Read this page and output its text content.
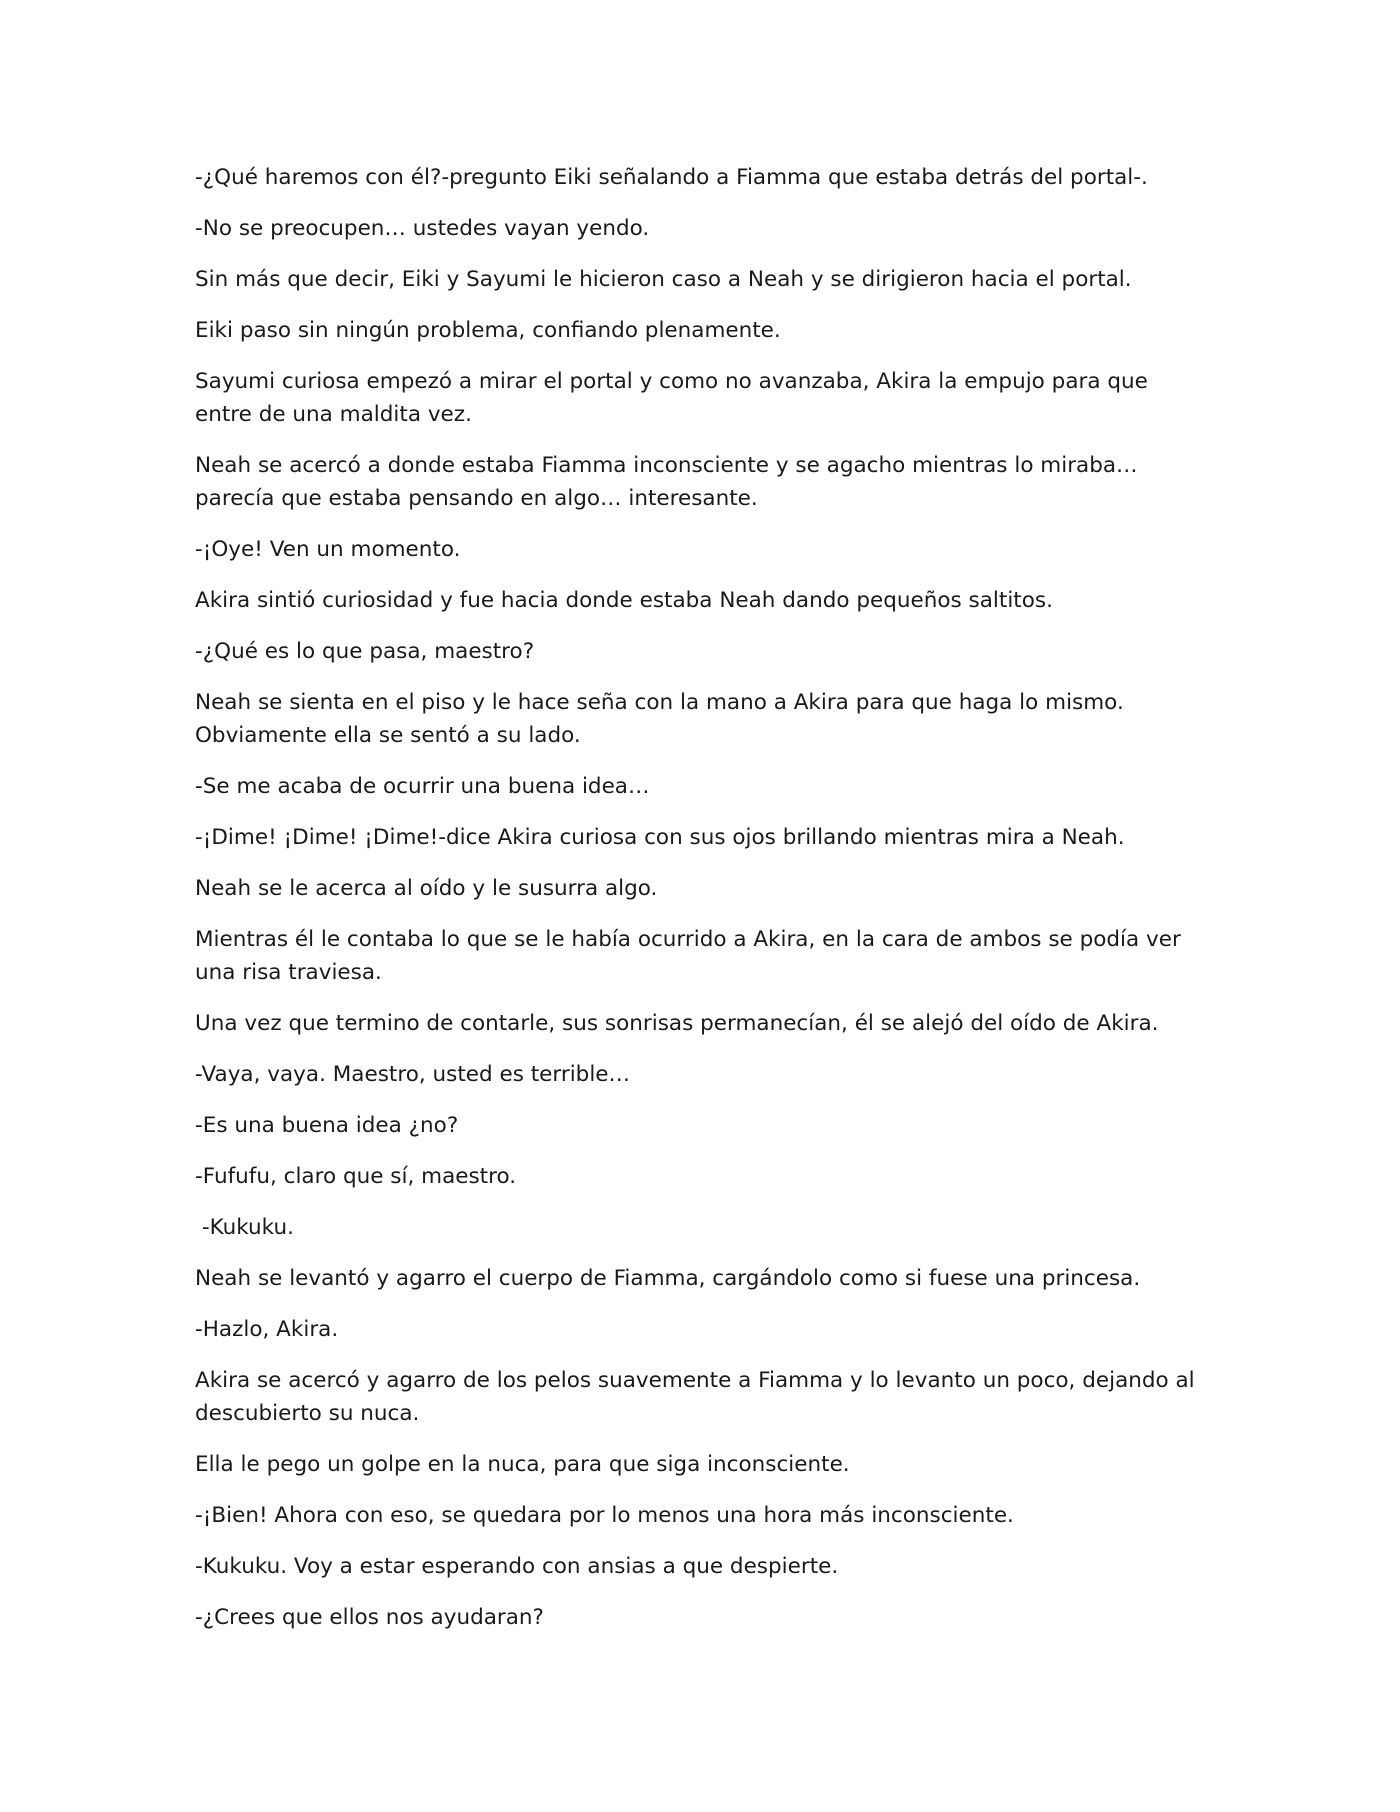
-¿Qué haremos con él?-pregunto Eiki señalando a Fiamma que estaba detrás del portal-.

-No se preocupen… ustedes vayan yendo.

Sin más que decir, Eiki y Sayumi le hicieron caso a Neah y se dirigieron hacia el portal.

Eiki paso sin ningún problema, confiando plenamente.

Sayumi curiosa empezó a mirar el portal y como no avanzaba, Akira la empujo para que entre de una maldita vez.

Neah se acercó a donde estaba Fiamma inconsciente y se agacho mientras lo miraba… parecía que estaba pensando en algo… interesante.

-¡Oye! Ven un momento.

Akira sintió curiosidad y fue hacia donde estaba Neah dando pequeños saltitos.

-¿Qué es lo que pasa, maestro?

Neah se sienta en el piso y le hace seña con la mano a Akira para que haga lo mismo. Obviamente ella se sentó a su lado.

-Se me acaba de ocurrir una buena idea…

-¡Dime! ¡Dime! ¡Dime!-dice Akira curiosa con sus ojos brillando mientras mira a Neah.

Neah se le acerca al oído y le susurra algo.

Mientras él le contaba lo que se le había ocurrido a Akira, en la cara de ambos se podía ver una risa traviesa.

Una vez que termino de contarle, sus sonrisas permanecían, él se alejó del oído de Akira.

-Vaya, vaya. Maestro, usted es terrible…

-Es una buena idea ¿no?

-Fufufu, claro que sí, maestro.

-Kukuku.

Neah se levantó y agarro el cuerpo de Fiamma, cargándolo como si fuese una princesa.

-Hazlo, Akira.

Akira se acercó y agarro de los pelos suavemente a Fiamma y lo levanto un poco, dejando al descubierto su nuca.

Ella le pego un golpe en la nuca, para que siga inconsciente.

-¡Bien! Ahora con eso, se quedara por lo menos una hora más inconsciente.

-Kukuku. Voy a estar esperando con ansias a que despierte.

-¿Crees que ellos nos ayudaran?
